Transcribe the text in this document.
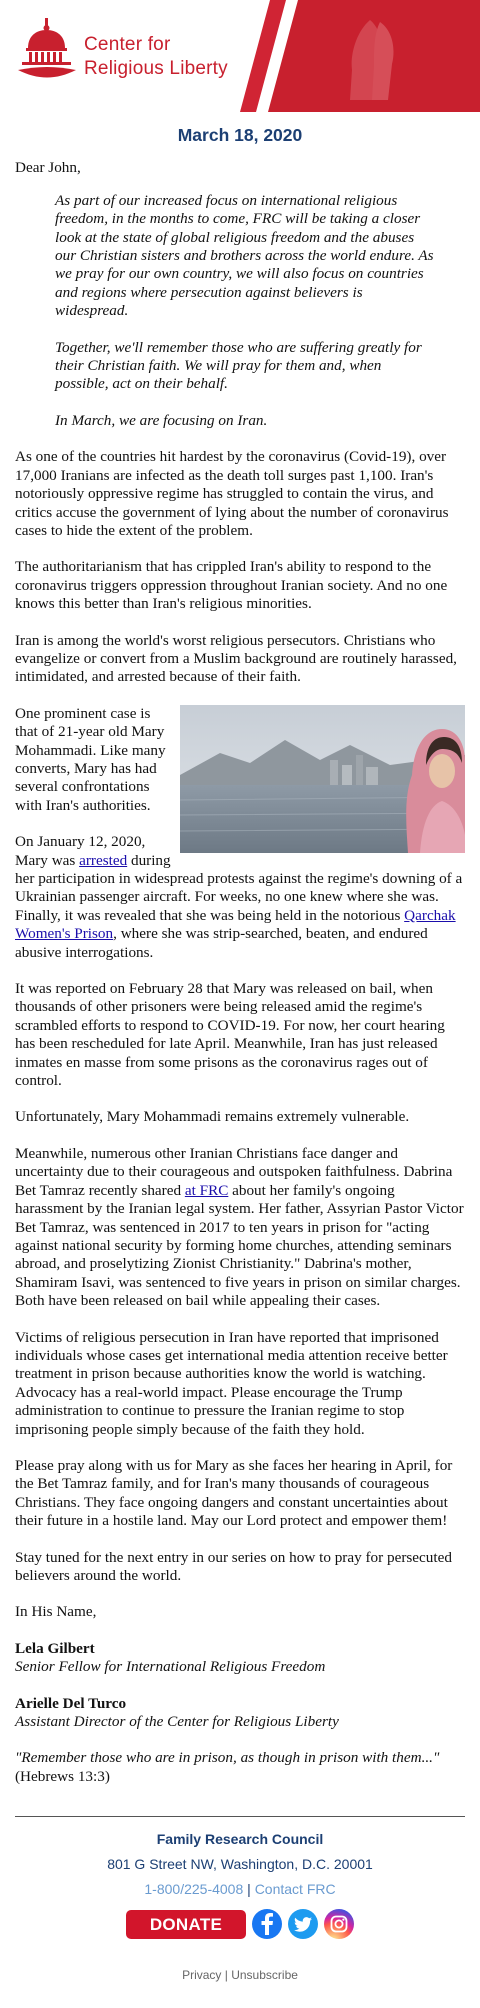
Center for
Religious Liberty
March 18, 2020

Dear John,

As part of our increased focus on international religious freedom, in the months to come, FRC will be taking a closer look at the state of global religious freedom and the abuses our Christian sisters and brothers across the world endure. As we pray for our own country, we will also focus on countries and regions where persecution against believers is widespread.

Together, we'll remember those who are suffering greatly for their Christian faith. We will pray for them and, when possible, act on their behalf.

In March, we are focusing on Iran.

As one of the countries hit hardest by the coronavirus (Covid-19), over 17,000 Iranians are infected as the death toll surges past 1,100. Iran's notoriously oppressive regime has struggled to contain the virus, and critics accuse the government of lying about the number of coronavirus cases to hide the extent of the problem.

The authoritarianism that has crippled Iran's ability to respond to the coronavirus triggers oppression throughout Iranian society. And no one knows this better than Iran's religious minorities.

Iran is among the world's worst religious persecutors. Christians who evangelize or convert from a Muslim background are routinely harassed, intimidated, and arrested because of their faith.

One prominent case is that of 21-year old Mary Mohammadi. Like many converts, Mary has had several confrontations with Iran's authorities.

On January 12, 2020, Mary was arrested during her participation in widespread protests against the regime's downing of a Ukrainian passenger aircraft. For weeks, no one knew where she was. Finally, it was revealed that she was being held in the notorious Qarchak Women's Prison, where she was strip-searched, beaten, and endured abusive interrogations.

It was reported on February 28 that Mary was released on bail, when thousands of other prisoners were being released amid the regime's scrambled efforts to respond to COVID-19. For now, her court hearing has been rescheduled for late April. Meanwhile, Iran has just released inmates en masse from some prisons as the coronavirus rages out of control.

Unfortunately, Mary Mohammadi remains extremely vulnerable.

Meanwhile, numerous other Iranian Christians face danger and uncertainty due to their courageous and outspoken faithfulness. Dabrina Bet Tamraz recently shared at FRC about her family's ongoing harassment by the Iranian legal system. Her father, Assyrian Pastor Victor Bet Tamraz, was sentenced in 2017 to ten years in prison for "acting against national security by forming home churches, attending seminars abroad, and proselytizing Zionist Christianity." Dabrina's mother, Shamiram Isavi, was sentenced to five years in prison on similar charges. Both have been released on bail while appealing their cases.

Victims of religious persecution in Iran have reported that imprisoned individuals whose cases get international media attention receive better treatment in prison because authorities know the world is watching. Advocacy has a real-world impact. Please encourage the Trump administration to continue to pressure the Iranian regime to stop imprisoning people simply because of the faith they hold.

Please pray along with us for Mary as she faces her hearing in April, for the Bet Tamraz family, and for Iran's many thousands of courageous Christians. They face ongoing dangers and constant uncertainties about their future in a hostile land. May our Lord protect and empower them!

Stay tuned for the next entry in our series on how to pray for persecuted believers around the world.

In His Name,

Lela Gilbert
Senior Fellow for International Religious Freedom

Arielle Del Turco
Assistant Director of the Center for Religious Liberty

"Remember those who are in prison, as though in prison with them..."
(Hebrews 13:3)

Family Research Council
801 G Street NW, Washington, D.C. 20001
1-800/225-4008 | Contact FRC
DONATE
Privacy | Unsubscribe
